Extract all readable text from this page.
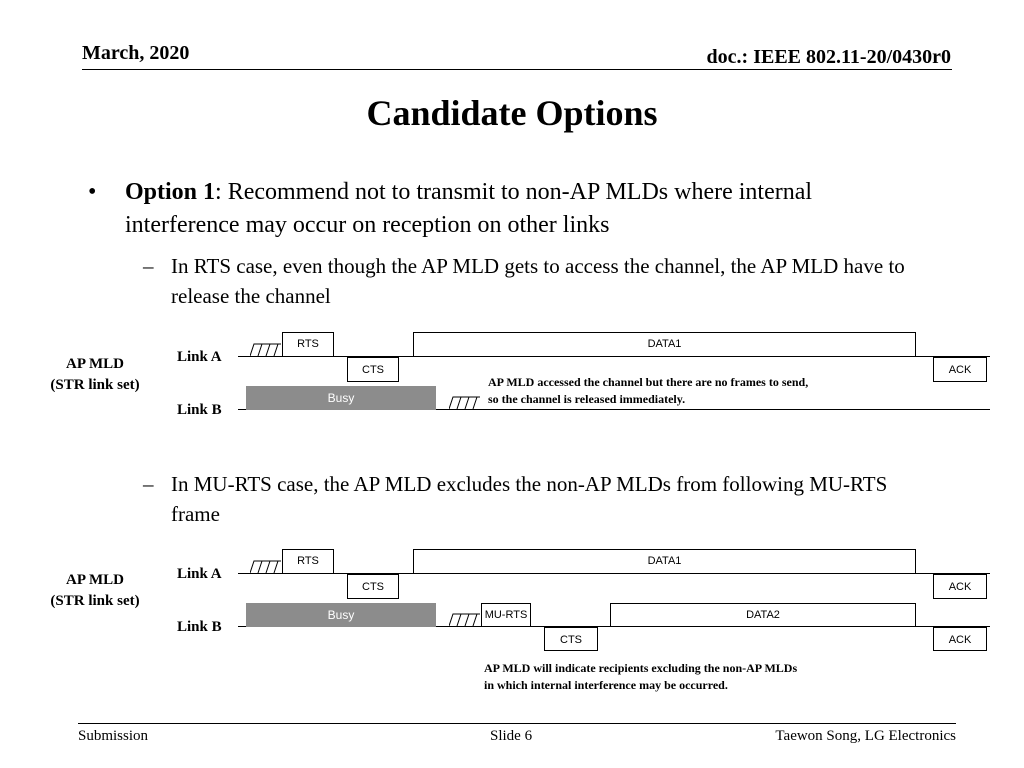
March, 2020	doc.: IEEE 802.11-20/0430r0
Candidate Options
• Option 1: Recommend not to transmit to non-AP MLDs where internal interference may occur on reception on other links
– In RTS case, even though the AP MLD gets to access the channel, the AP MLD have to release the channel
AP MLD
(STR link set)
Link A
Link B
RTS	DATA1
CTS	ACK
Busy
AP MLD accessed the channel but there are no frames to send,
so the channel is released immediately.
– In MU-RTS case, the AP MLD excludes the non-AP MLDs from following MU-RTS frame
AP MLD
(STR link set)
Link A
Link B
RTS	DATA1
CTS	ACK
Busy	MU-RTS	DATA2
CTS	ACK
AP MLD will indicate recipients excluding the non-AP MLDs
in which internal interference may be occurred.
Submission	Slide 6	Taewon Song, LG Electronics
